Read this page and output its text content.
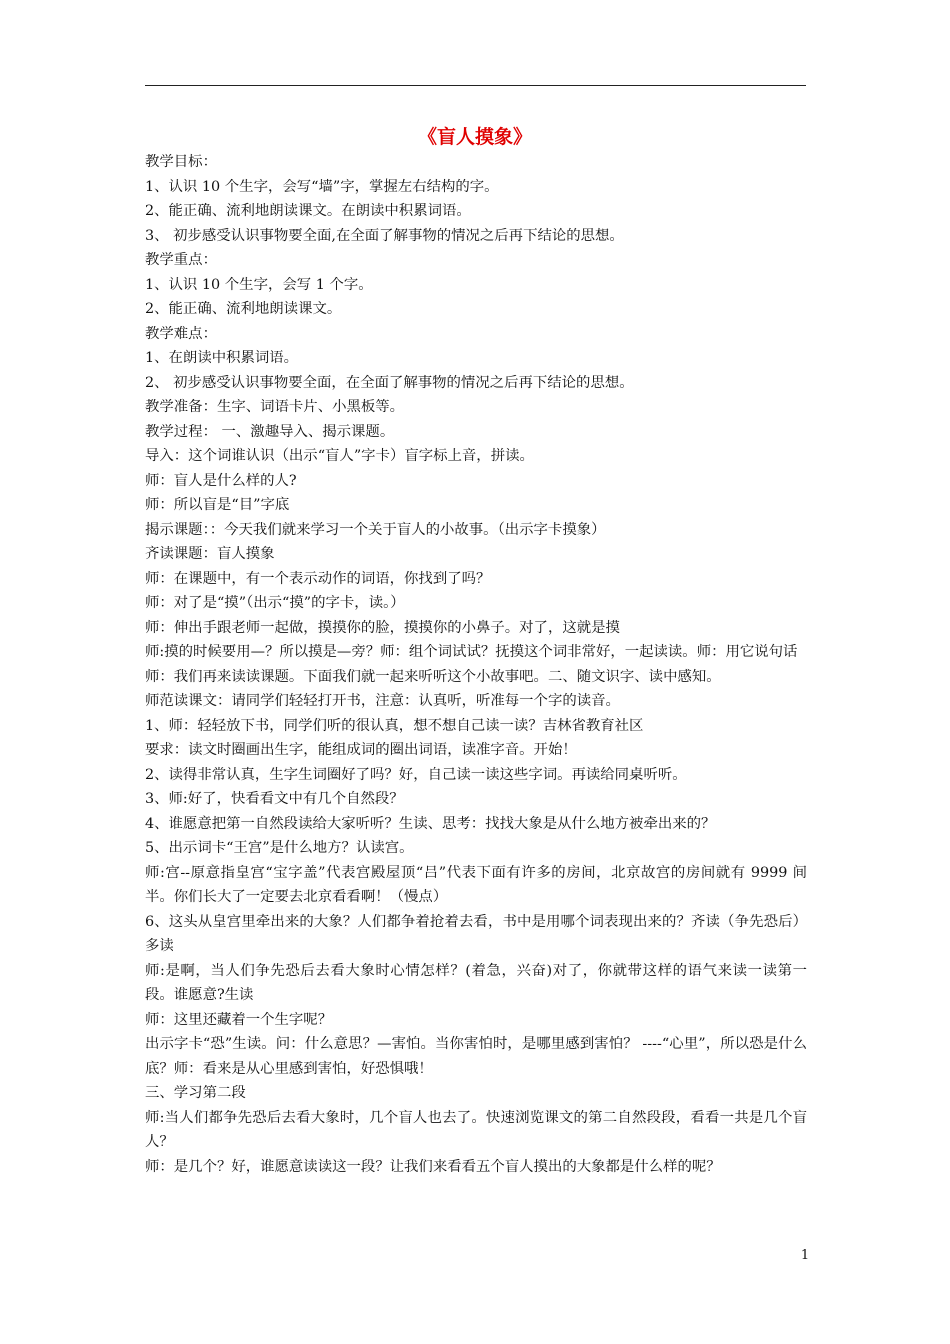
《盲人摸象》

教学目标：

1、认识 10 个生字，会写“墙”字，掌握左右结构的字。

2、能正确、流利地朗读课文。在朗读中积累词语。

3、 初步感受认识事物要全面,在全面了解事物的情况之后再下结论的思想。

教学重点：

1、认识 10 个生字，会写 1 个字。

2、能正确、流利地朗读课文。

教学难点：

1、在朗读中积累词语。

2、 初步感受认识事物要全面，在全面了解事物的情况之后再下结论的思想。

教学准备：生字、词语卡片、小黑板等。

教学过程： 一、激趣导入、揭示课题。

导入：这个词谁认识（出示“盲人”字卡）盲字标上音，拼读。

师：盲人是什么样的人?

师：所以盲是“目”字底

揭示课题：：今天我们就来学习一个关于盲人的小故事。（出示字卡摸象）

齐读课题：盲人摸象

师：在课题中，有一个表示动作的词语，你找到了吗？

师：对了是“摸”（出示“摸”的字卡，读。）

师：伸出手跟老师一起做，摸摸你的脸，摸摸你的小鼻子。对了，这就是摸

师:摸的时候要用—？所以摸是—旁？师：组个词试试？抚摸这个词非常好，一起读读。师：用它说句话

师：我们再来读读课题。下面我们就一起来听听这个小故事吧。二、随文识字、读中感知。

师范读课文：请同学们轻轻打开书，注意：认真听，听准每一个字的读音。

1、师：轻轻放下书，同学们听的很认真，想不想自己读一读？吉林省教育社区

要求：读文时圈画出生字，能组成词的圈出词语，读准字音。开始！

2、读得非常认真，生字生词圈好了吗？好，自己读一读这些字词。再读给同桌听听。

3、师:好了，快看看文中有几个自然段？

4、谁愿意把第一自然段读给大家听听？生读、思考：找找大象是从什么地方被牵出来的？

5、出示词卡“王宫”是什么地方？认读宫。

师:宫--原意指皇宫“宝字盖”代表宫殿屋顶“吕”代表下面有许多的房间，北京故宫的房间就有 9999 间半。你们长大了一定要去北京看看啊！（慢点）

6、这头从皇宫里牵出来的大象？人们都争着抢着去看，书中是用哪个词表现出来的？齐读（争先恐后）多读

师:是啊，当人们争先恐后去看大象时心情怎样？(着急，兴奋)对了，你就带这样的语气来读一读第一段。谁愿意?生读

师：这里还藏着一个生字呢？

出示字卡“恐”生读。问：什么意思？—害怕。当你害怕时，是哪里感到害怕？ ----“心里”，所以恐是什么底？师：看来是从心里感到害怕，好恐惧哦！

三、学习第二段

师:当人们都争先恐后去看大象时，几个盲人也去了。快速浏览课文的第二自然段段，看看一共是几个盲人？

师：是几个？好，谁愿意读读这一段？让我们来看看五个盲人摸出的大象都是什么样的呢？

1
